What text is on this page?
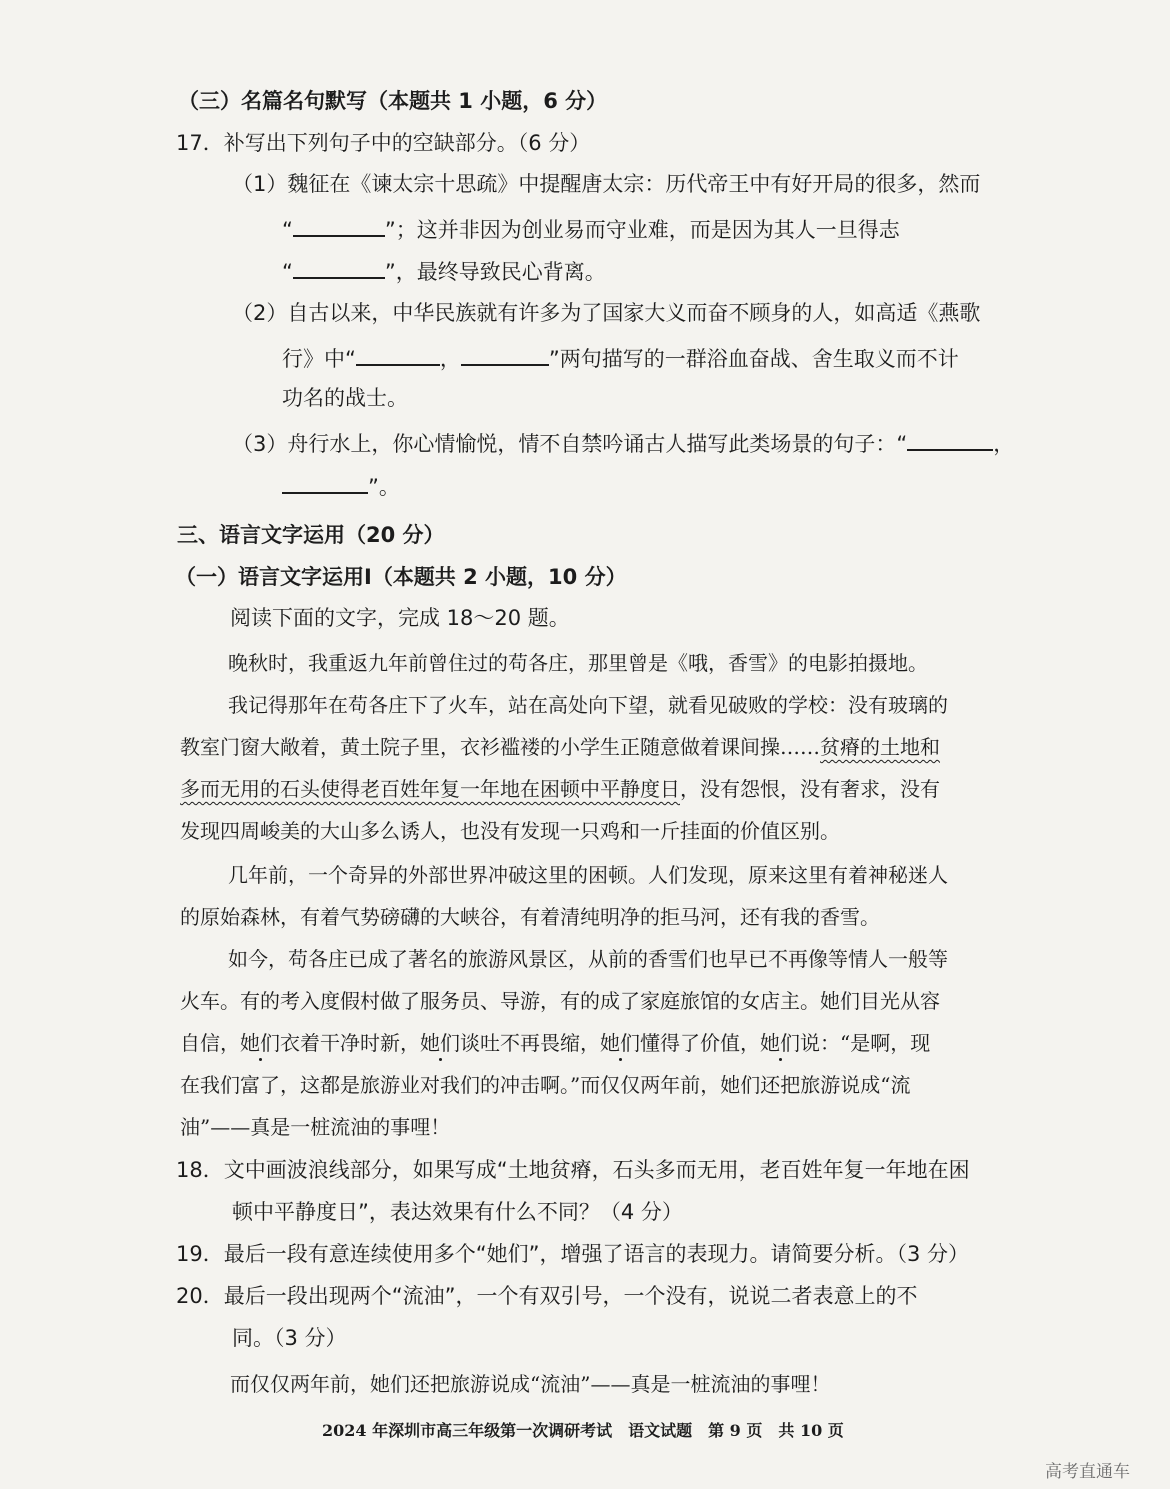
（三）名篇名句默写（本题共 1 小题，6 分）
17．补写出下列句子中的空缺部分。（6 分）
（1）魏征在《谏太宗十思疏》中提醒唐太宗：历代帝王中有好开局的很多，然而
“	”；这并非因为创业易而守业难，而是因为其人一旦得志
“	”，最终导致民心背离。
（2）自古以来，中华民族就有许多为了国家大义而奋不顾身的人，如高适《燕歌
行》中“	，	”两句描写的一群浴血奋战、舍生取义而不计
功名的战士。
（3）舟行水上，你心情愉悦，情不自禁吟诵古人描写此类场景的句子：“	，
”。
三、语言文字运用（20 分）
（一）语言文字运用Ⅰ（本题共 2 小题，10 分）
阅读下面的文字，完成 18～20 题。
晚秋时，我重返九年前曾住过的苟各庄，那里曾是《哦，香雪》的电影拍摄地。
我记得那年在苟各庄下了火车，站在高处向下望，就看见破败的学校：没有玻璃的
教室门窗大敞着，黄土院子里，衣衫褴褛的小学生正随意做着课间操……贫瘠的土地和
多而无用的石头使得老百姓年复一年地在困顿中平静度日，没有怨恨，没有奢求，没有
发现四周峻美的大山多么诱人，也没有发现一只鸡和一斤挂面的价值区别。
几年前，一个奇异的外部世界冲破这里的困顿。人们发现，原来这里有着神秘迷人
的原始森林，有着气势磅礴的大峡谷，有着清纯明净的拒马河，还有我的香雪。
如今，苟各庄已成了著名的旅游风景区，从前的香雪们也早已不再像等情人一般等
火车。有的考入度假村做了服务员、导游，有的成了家庭旅馆的女店主。她们目光从容
自信，她们衣着干净时新，她们谈吐不再畏缩，她们懂得了价值，她们说：“是啊，现
在我们富了，这都是旅游业对我们的冲击啊。”而仅仅两年前，她们还把旅游说成“流
油”——真是一桩流油的事哩！
18．文中画波浪线部分，如果写成“土地贫瘠，石头多而无用，老百姓年复一年地在困
顿中平静度日”，表达效果有什么不同？（4 分）
19．最后一段有意连续使用多个“她们”，增强了语言的表现力。请简要分析。（3 分）
20．最后一段出现两个“流油”，一个有双引号，一个没有，说说二者表意上的不
同。（3 分）
而仅仅两年前，她们还把旅游说成“流油”——真是一桩流油的事哩！
2024 年深圳市高三年级第一次调研考试　语文试题　第 9 页　共 10 页
高考直通车
